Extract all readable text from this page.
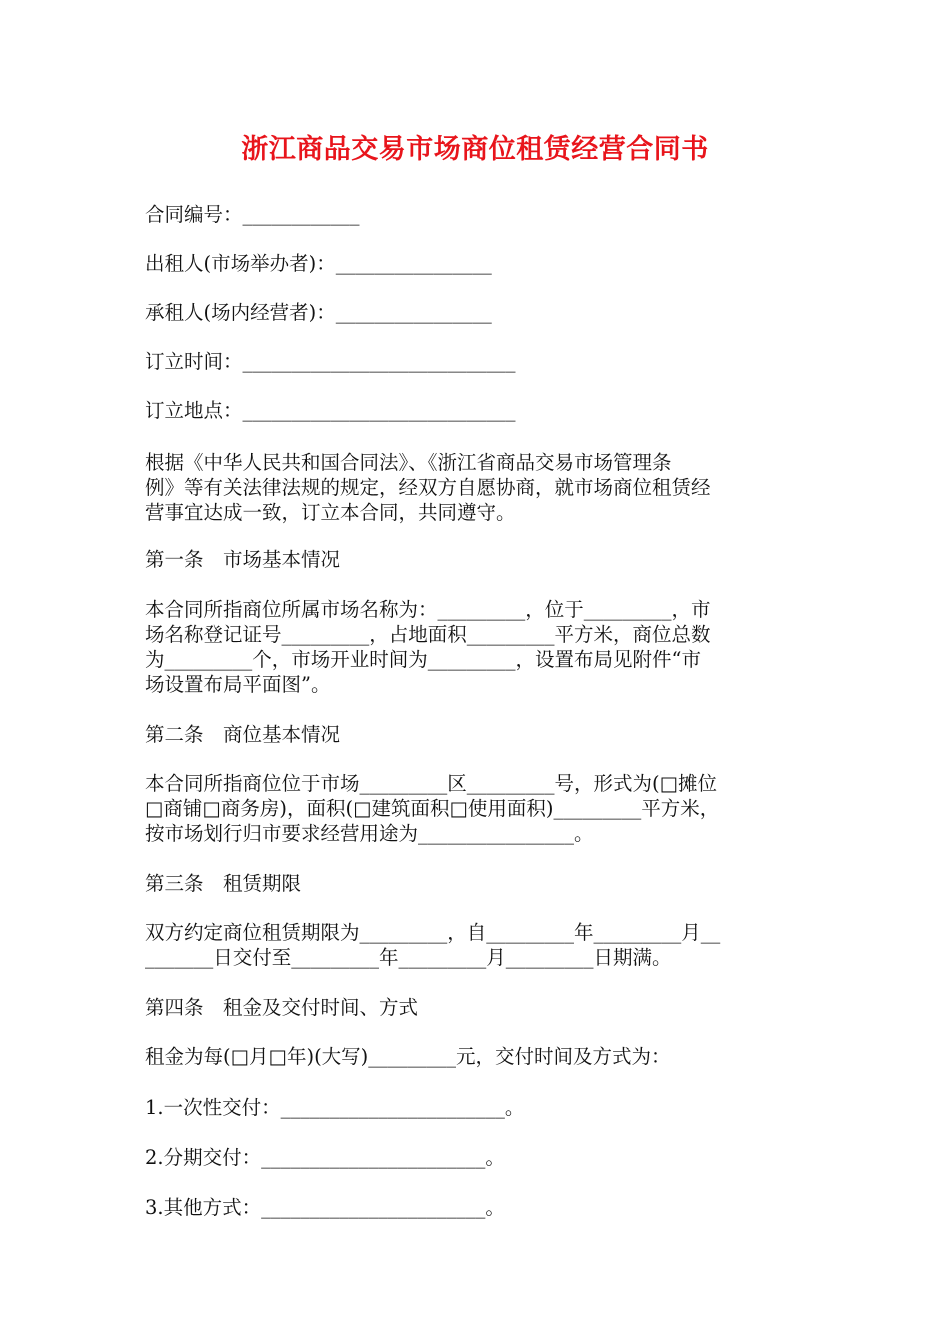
浙江商品交易市场商位租赁经营合同书
合同编号：____________
出租人(市场举办者)：________________
承租人(场内经营者)：________________
订立时间：____________________________
订立地点：____________________________
根据《中华人民共和国合同法》、《浙江省商品交易市场管理条
例》等有关法律法规的规定，经双方自愿协商，就市场商位租赁经
营事宜达成一致，订立本合同，共同遵守。
第一条　市场基本情况
本合同所指商位所属市场名称为：_________，位于_________，市
场名称登记证号_________，占地面积_________平方米，商位总数
为_________个，市场开业时间为_________，设置布局见附件“市
场设置布局平面图”。
第二条　商位基本情况
本合同所指商位位于市场_________区_________号，形式为(□摊位
□商铺□商务房)，面积(□建筑面积□使用面积)_________平方米，
按市场划行归市要求经营用途为________________。
第三条　租赁期限
双方约定商位租赁期限为_________，自_________年_________月__
_______日交付至_________年_________月_________日期满。
第四条　租金及交付时间、方式
租金为每(□月□年)(大写)_________元，交付时间及方式为：
1.一次性交付：_______________________。
2.分期交付：_______________________。
3.其他方式：_______________________。
